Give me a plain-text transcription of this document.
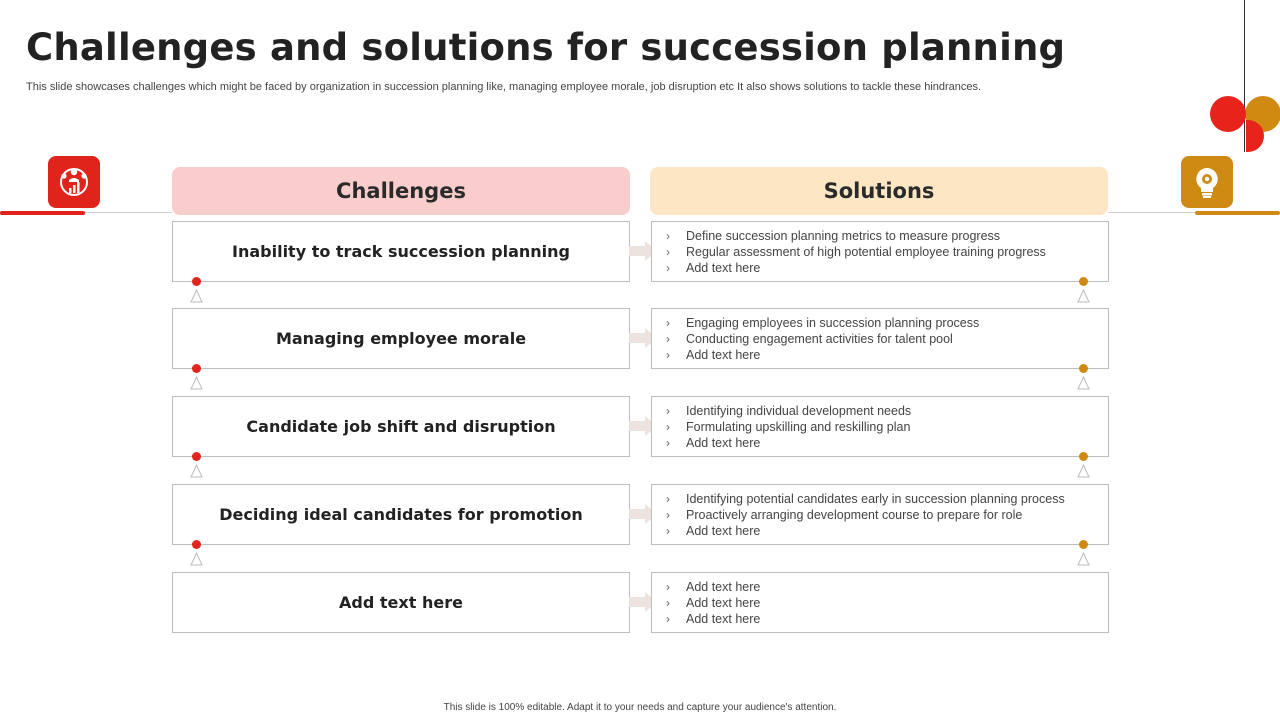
Challenges and solutions for succession planning
This slide showcases challenges which might be faced by organization in succession planning like, managing employee morale, job disruption etc It also shows solutions to tackle these hindrances.
Challenges	Solutions
Inability to track succession planning
›	Define succession planning metrics to measure progress
›	Regular assessment of high potential employee training progress
›	Add text here
Managing employee morale
›	Engaging employees in succession planning process
›	Conducting engagement activities for talent pool
›	Add text here
Candidate job shift and disruption
›	Identifying individual development needs
›	Formulating upskilling and reskilling plan
›	Add text here
Deciding ideal candidates for promotion
›	Identifying potential candidates early in succession planning process
›	Proactively arranging development course to prepare for role
›	Add text here
Add text here
›	Add text here
›	Add text here
›	Add text here
This slide is 100% editable. Adapt it to your needs and capture your audience's attention.
